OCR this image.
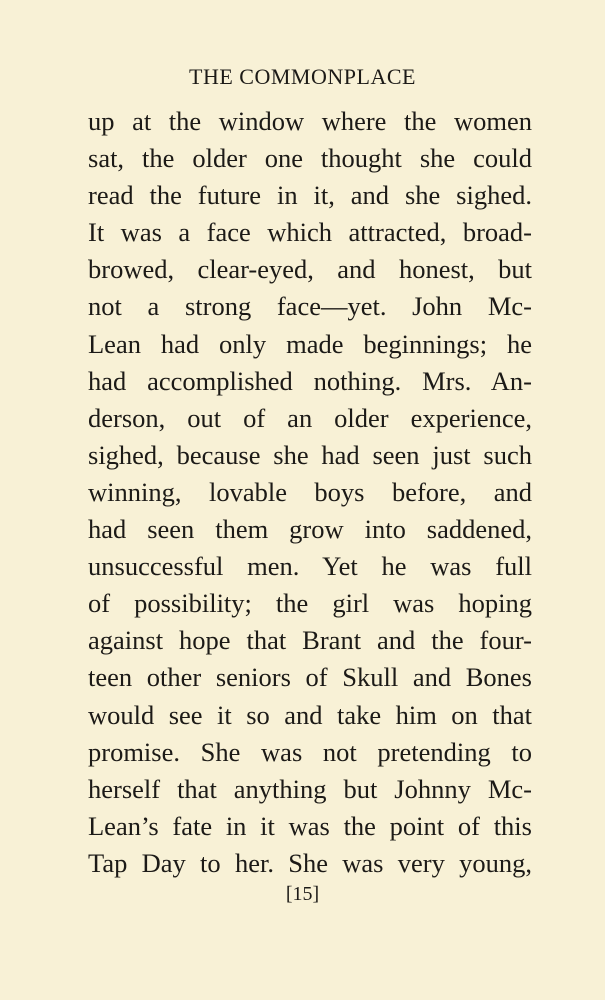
THE COMMONPLACE
up at the window where the women
sat, the older one thought she could
read the future in it, and she sighed.
It was a face which attracted, broad-
browed, clear-eyed, and honest, but
not a strong face—yet. John Mc-
Lean had only made beginnings; he
had accomplished nothing. Mrs. An-
derson, out of an older experience,
sighed, because she had seen just such
winning, lovable boys before, and
had seen them grow into saddened,
unsuccessful men. Yet he was full
of possibility; the girl was hoping
against hope that Brant and the four-
teen other seniors of Skull and Bones
would see it so and take him on that
promise. She was not pretending to
herself that anything but Johnny Mc-
Lean’s fate in it was the point of this
Tap Day to her. She was very young,
[15]
